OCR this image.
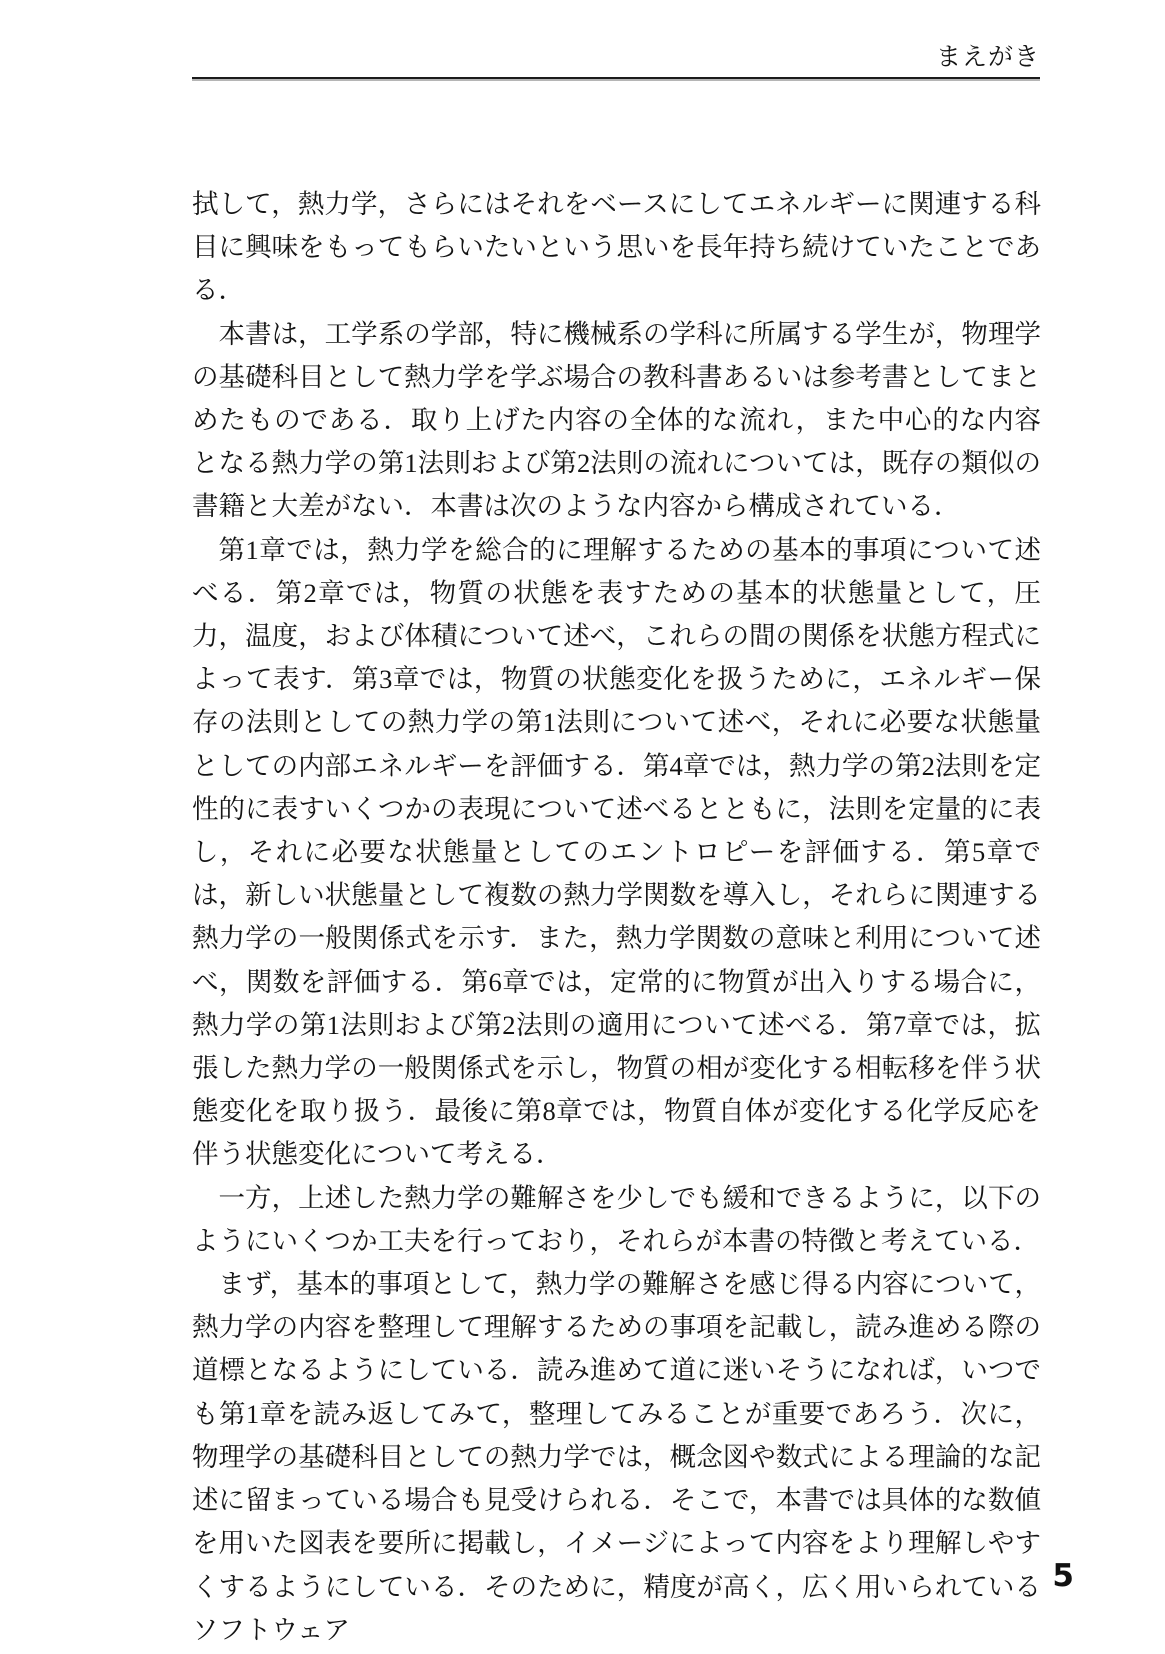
まえがき

拭して，熱力学，さらにはそれをベースにしてエネルギーに関連する科目に興味をもってもらいたいという思いを長年持ち続けていたことである．

本書は，工学系の学部，特に機械系の学科に所属する学生が，物理学の基礎科目として熱力学を学ぶ場合の教科書あるいは参考書としてまとめたものである．取り上げた内容の全体的な流れ，また中心的な内容となる熱力学の第1法則および第2法則の流れについては，既存の類似の書籍と大差がない．本書は次のような内容から構成されている．

第1章では，熱力学を総合的に理解するための基本的事項について述べる．第2章では，物質の状態を表すための基本的状態量として，圧力，温度，および体積について述べ，これらの間の関係を状態方程式によって表す．第3章では，物質の状態変化を扱うために，エネルギー保存の法則としての熱力学の第1法則について述べ，それに必要な状態量としての内部エネルギーを評価する．第4章では，熱力学の第2法則を定性的に表すいくつかの表現について述べるとともに，法則を定量的に表し，それに必要な状態量としてのエントロピーを評価する．第5章では，新しい状態量として複数の熱力学関数を導入し，それらに関連する熱力学の一般関係式を示す．また，熱力学関数の意味と利用について述べ，関数を評価する．第6章では，定常的に物質が出入りする場合に，熱力学の第1法則および第2法則の適用について述べる．第7章では，拡張した熱力学の一般関係式を示し，物質の相が変化する相転移を伴う状態変化を取り扱う．最後に第8章では，物質自体が変化する化学反応を伴う状態変化について考える．

一方，上述した熱力学の難解さを少しでも緩和できるように，以下のようにいくつか工夫を行っており，それらが本書の特徴と考えている．

まず，基本的事項として，熱力学の難解さを感じ得る内容について，熱力学の内容を整理して理解するための事項を記載し，読み進める際の道標となるようにしている．読み進めて道に迷いそうになれば，いつでも第1章を読み返してみて，整理してみることが重要であろう．次に，物理学の基礎科目としての熱力学では，概念図や数式による理論的な記述に留まっている場合も見受けられる．そこで，本書では具体的な数値を用いた図表を要所に掲載し，イメージによって内容をより理解しやすくするようにしている．そのために，精度が高く，広く用いられているソフトウェア

5
